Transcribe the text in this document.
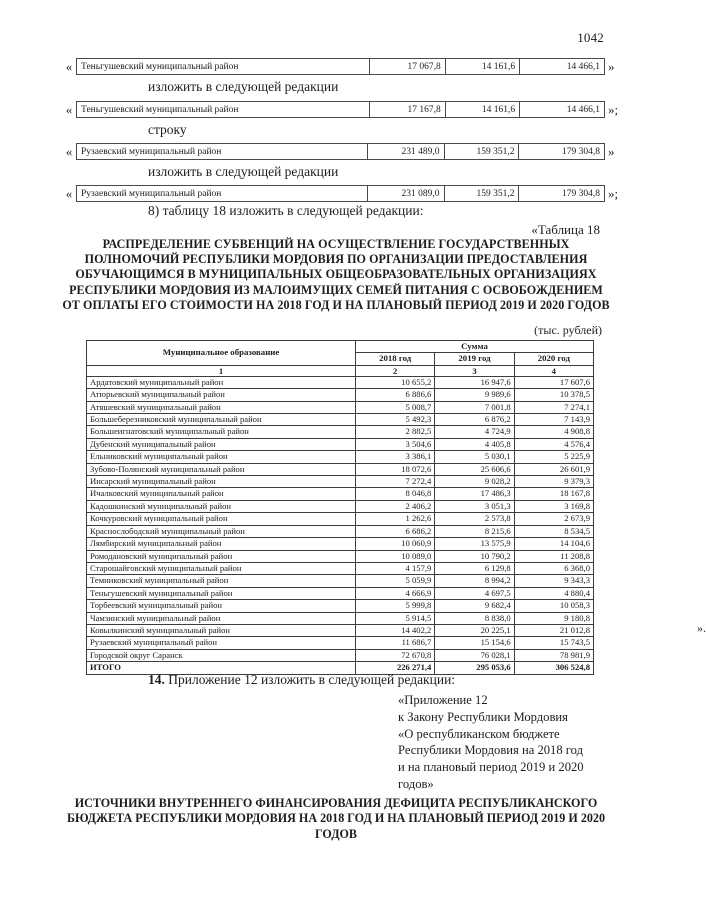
1042
« Теньгушевский муниципальный район	17 067,8	14 161,6	14 466,1 »
изложить в следующей редакции
« Теньгушевский муниципальный район	17 167,8	14 161,6	14 466,1 »;
строку
« Рузаевский муниципальный район	231 489,0	159 351,2	179 304,8 »
изложить в следующей редакции
« Рузаевский муниципальный район	231 089,0	159 351,2	179 304,8 »;
8) таблицу 18 изложить в следующей редакции:
«Таблица 18
РАСПРЕДЕЛЕНИЕ СУБВЕНЦИЙ НА ОСУЩЕСТВЛЕНИЕ ГОСУДАРСТВЕННЫХ ПОЛНОМОЧИЙ РЕСПУБЛИКИ МОРДОВИЯ ПО ОРГАНИЗАЦИИ ПРЕДОСТАВЛЕНИЯ ОБУЧАЮЩИМСЯ В МУНИЦИПАЛЬНЫХ ОБЩЕОБРАЗОВАТЕЛЬНЫХ ОРГАНИЗАЦИЯХ РЕСПУБЛИКИ МОРДОВИЯ ИЗ МАЛОИМУЩИХ СЕМЕЙ ПИТАНИЯ С ОСВОБОЖДЕНИЕМ ОТ ОПЛАТЫ ЕГО СТОИМОСТИ НА 2018 ГОД И НА ПЛАНОВЫЙ ПЕРИОД 2019 И 2020 ГОДОВ
(тыс. рублей)
Муниципальное образование	Сумма		
	2018 год	2019 год	2020 год
1	2	3	4
Ардатовский муниципальный район	10 655,2	16 947,6	17 607,6
Атюрьевский муниципальный район	6 886,6	9 989,6	10 378,5
Атяшевский муниципальный район	5 008,7	7 001,8	7 274,1
Большеберезниковский муниципальный район	5 492,3	6 876,2	7 143,9
Большеигнатовский муниципальный район	2 882,5	4 724,9	4 908,8
Дубенский муниципальный район	3 504,6	4 405,8	4 576,4
Ельниковский муниципальный район	3 386,1	5 030,1	5 225,9
Зубово-Полянский муниципальный район	18 072,6	25 606,6	26 601,9
Инсарский муниципальный район	7 272,4	9 028,2	9 379,3
Ичалковский муниципальный район	8 046,8	17 486,3	18 167,8
Кадошкинский муниципальный район	2 406,2	3 051,3	3 169,8
Кочкуровский муниципальный район	1 262,6	2 573,8	2 673,9
Краснослободский муниципальный район	6 686,2	8 215,6	8 534,5
Лямбирский муниципальный район	10 060,9	13 575,9	14 104,6
Ромодановский муниципальный район	10 089,0	10 790,2	11 208,8
Старошайговский муниципальный район	4 157,9	6 129,8	6 368,0
Темниковский муниципальный район	5 059,9	8 994,2	9 343,3
Теньгушевский муниципальный район	4 666,9	4 697,5	4 880,4
Торбеевский муниципальный район	5 999,8	9 682,4	10 058,3
Чамзинский муниципальный район	5 914,5	8 838,0	9 180,8
Ковылкинский муниципальный район	14 402,2	20 225,1	21 012,8
Рузаевский муниципальный район	11 686,7	15 154,6	15 743,5
Городской округ Саранск	72 670,8	76 028,1	78 981,9
ИТОГО	226 271,4	295 053,6	306 524,8
».
14. Приложение 12 изложить в следующей редакции:
«Приложение 12
к Закону Республики Мордовия
«О республиканском бюджете
Республики Мордовия на 2018 год
и на плановый период 2019 и 2020
годов»
ИСТОЧНИКИ ВНУТРЕННЕГО ФИНАНСИРОВАНИЯ ДЕФИЦИТА РЕСПУБЛИКАНСКОГО БЮДЖЕТА РЕСПУБЛИКИ МОРДОВИЯ НА 2018 ГОД И НА ПЛАНОВЫЙ ПЕРИОД 2019 И 2020 ГОДОВ
